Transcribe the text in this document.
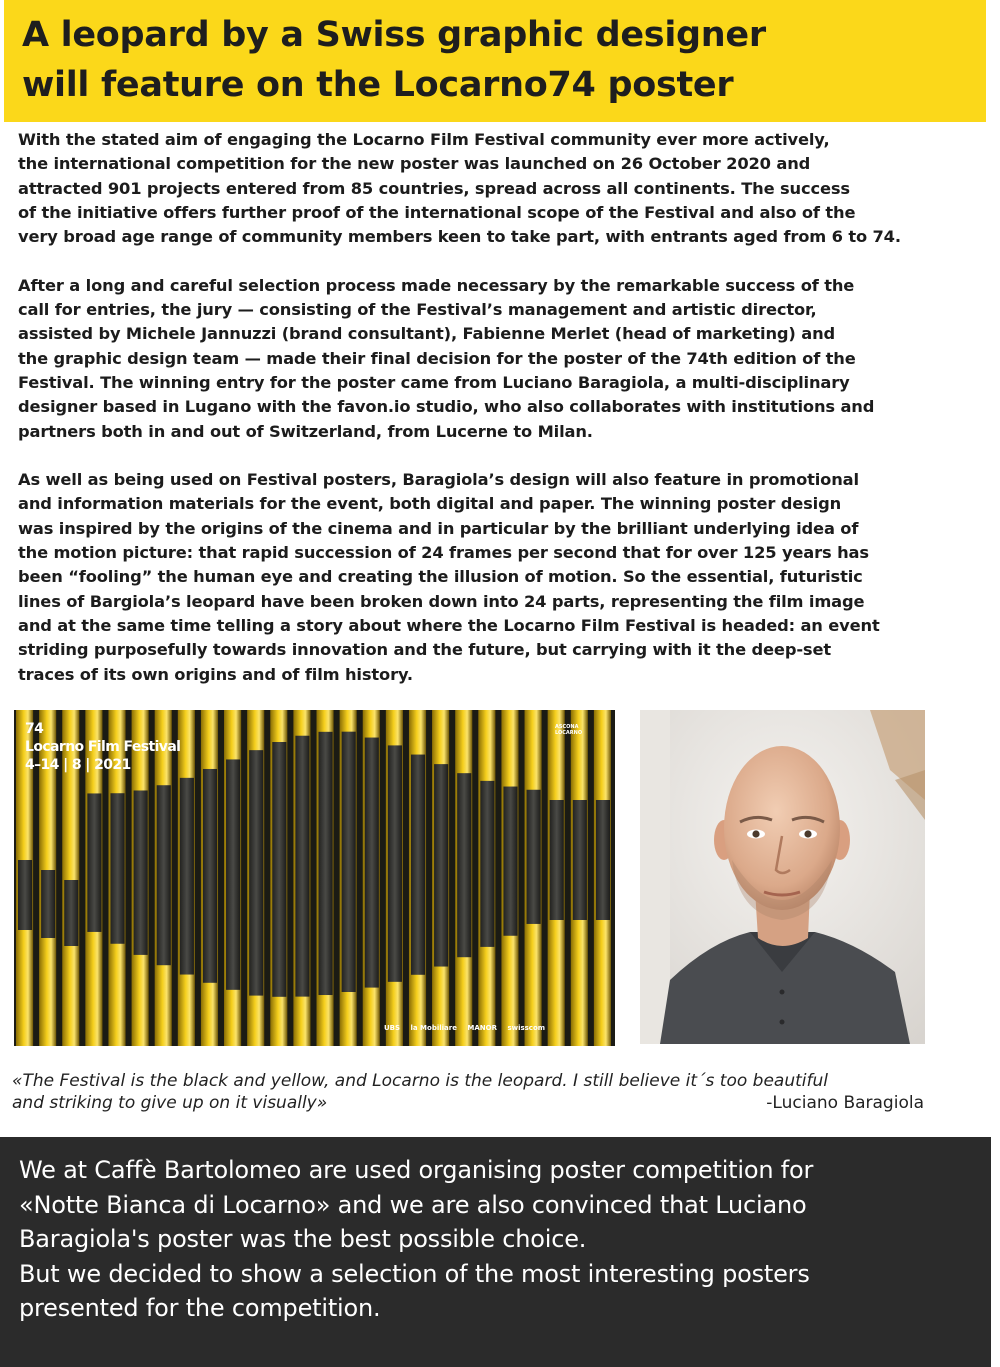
A leopard by a Swiss graphic designer
will feature on the Locarno74 poster

With the stated aim of engaging the Locarno Film Festival community ever more actively,
the international competition for the new poster was launched on 26 October 2020 and
attracted 901 projects entered from 85 countries, spread across all continents. The success
of the initiative offers further proof of the international scope of the Festival and also of the
very broad age range of community members keen to take part, with entrants aged from 6 to 74.

After a long and careful selection process made necessary by the remarkable success of the
call for entries, the jury — consisting of the Festival’s management and artistic director,
assisted by Michele Jannuzzi (brand consultant), Fabienne Merlet (head of marketing) and
the graphic design team — made their final decision for the poster of the 74th edition of the
Festival. The winning entry for the poster came from Luciano Baragiola, a multi-disciplinary
designer based in Lugano with the favon.io studio, who also collaborates with institutions and
partners both in and out of Switzerland, from Lucerne to Milan.

As well as being used on Festival posters, Baragiola’s design will also feature in promotional
and information materials for the event, both digital and paper. The winning poster design
was inspired by the origins of the cinema and in particular by the brilliant underlying idea of
the motion picture: that rapid succession of 24 frames per second that for over 125 years has
been “fooling” the human eye and creating the illusion of motion. So the essential, futuristic
lines of Bargiola’s leopard have been broken down into 24 parts, representing the film image
and at the same time telling a story about where the Locarno Film Festival is headed: an event
striding purposefully towards innovation and the future, but carrying with it the deep-set
traces of its own origins and of film history.

74
Locarno Film Festival
4–14 | 8 | 2021
ASCONA LOCARNO
UBS la Mobiliare MANOR swisscom
«The Festival is the black and yellow, and Locarno is the leopard. I still believe it´s too beautiful
and striking to give up on it visually»	-Luciano Baragiola

We at Caffè Bartolomeo are used organising poster competition for
«Notte Bianca di Locarno» and we are also convinced that Luciano
Baragiola's poster was the best possible choice.
But we decided to show a selection of the most interesting posters
presented for the competition.
